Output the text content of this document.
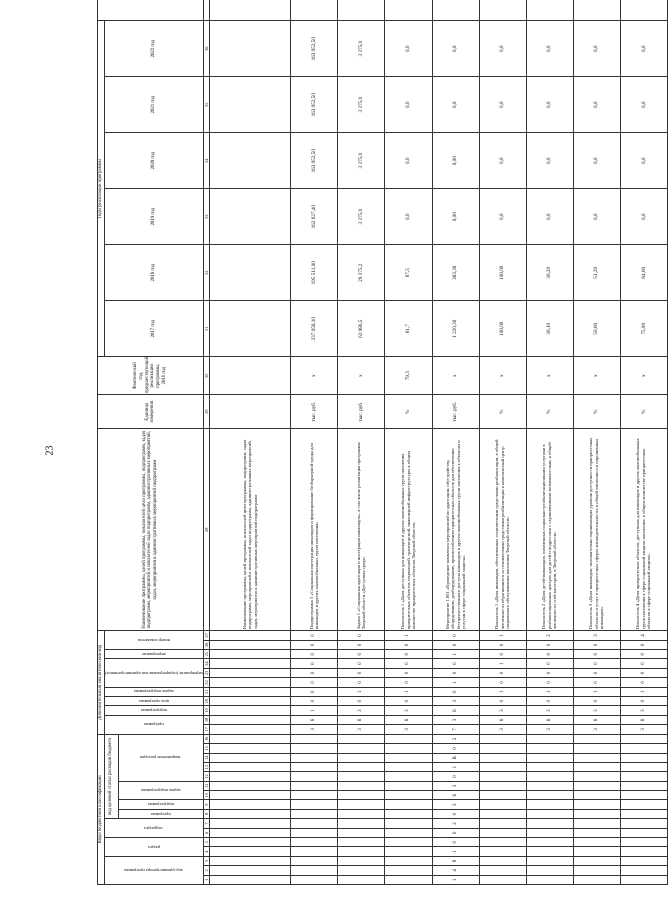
23
Коды бюджетной классификации																Дополнительный аналитический код											Наименование программы, целей программы, показателей цели программы, подпрограмм, задач подпрограмм, мероприятий и показателей задач подпрограмм, административных мероприятий, задач, мероприятия и административных мероприятий подпрограмм	Единица измерения	Фактический год, предшествующий реализации программы, 2016 год	Годы реализации программы	

код администратора программы			раздел		подраздел		код целевой статьи расходов бюджета									программа		подпрограмма	цель программы	задача подпрограммы	мероприятие (подпрограммы или административное)			мероприятие	номер показателя					2017 год	2018 год	2019 год	2020 год	2021 год	2022 год	

							программа	подпрограмма	задача подпрограммы		направление расходов																									

1	2	3	4	5	6	7	8	9	10	11	12	13	14	15	16	17	18	19	20	21	22	23	24	25	26	27	28	29	30	31	32	33	34	35	36	
																											Наименование программы, целей программы, показателей цели программы, подпрограмм, задач подпрограмм, мероприятий и показателей задач подпрограмм, административных мероприятий, задач, мероприятия и административных мероприятий подпрограмм									
																3	6	1	0	0	0	0	0	0	0	0	Подпрограмма 3 «Социальная интеграция инвалидов и формирование безбарьерной среды для инвалидов и других маломобильных групп населения»	тыс. руб.	х	237 058,10	195 511,00	162 827,40	163 052,50	163 052,50	163 052,50	
																3	6	3	0	1	0	0	0	0	0	0	Задача 1 «Социальная адаптация и интеграция инвалидов», в том числе реализация программы Тверской области «Доступная среда»	тыс. руб.	х	62 986,5	29 375,2	3 375,0	3 375,0	3 375,0	3 375,0	
																3	6	3	0	1	0	0	0	0	0	1	Показатель 1 «Доля доступных для инвалидов и других маломобильных групп населения приоритетных объектов социальной, транспортной, инженерной инфраструктуры в общем количестве приоритетных объектов Тверской области»	%	79,3	81,7	87,5	0,0	0,0	0,0	0,0	
1	4	8	1	0	0	2	0	3	6	3	0	1	R	0	2	7	3	6	3	0	1	0	0	1	0	0	Мероприятие 1.001 «Проведение комплекса мероприятий по адаптации, обустройству, оборудованию, дооборудованию, приспособлению приоритетных объектов для обеспечения беспрепятственного доступа инвалидов и других маломобильных групп населения к объектам и услугам в сфере социальной защиты»	тыс. руб.	х	1 220,30	383,30	0,00	0,00	0,0	0,0	
																3	6	3	0	1	0	0	1	0	0	1	Показатель 1 «Доля инвалидов, обеспеченных техническими средствами реабилитации, в общей численности обратившихся за техническими средствами реабилитации в комплексный центр социального обслуживания населения Тверской области»	%	х	100,00	100,00	0,0	0,0	0,0	0,0	
																3	6	3	0	1	0	0	0	0	0	2	Показатель 2 «Доля детей-инвалидов, охваченных социально-реабилитационными услугами в реабилитационных центрах для детей и подростков с ограниченными возможностями, в общей численности этой категории, в Тверской области»	%	х	30,10	30,20	0,0	0,0	0,0	0,0	
																3	6	3	0	1	0	0	0	0	0	3	Показатель 3 «Доля инвалидов, положительно оценивающих уровень доступности приоритетных объектов и услуг в приоритетных сферах жизнедеятельности, в общей численности опрошенных инвалидов»	%	х	50,60	51,20	0,0	0,0	0,0	0,0	
																3	6	3	0	1	0	0	0	0	0	4	Показатель 4 «Доля приоритетных объектов, доступных для инвалидов и других маломобильных групп населения в сфере социальной защиты населения, в общем количестве приоритетных объектов в сфере социальной защиты»	%	х	75,00	84,60	0,0	0,0	0,0	0,0	
